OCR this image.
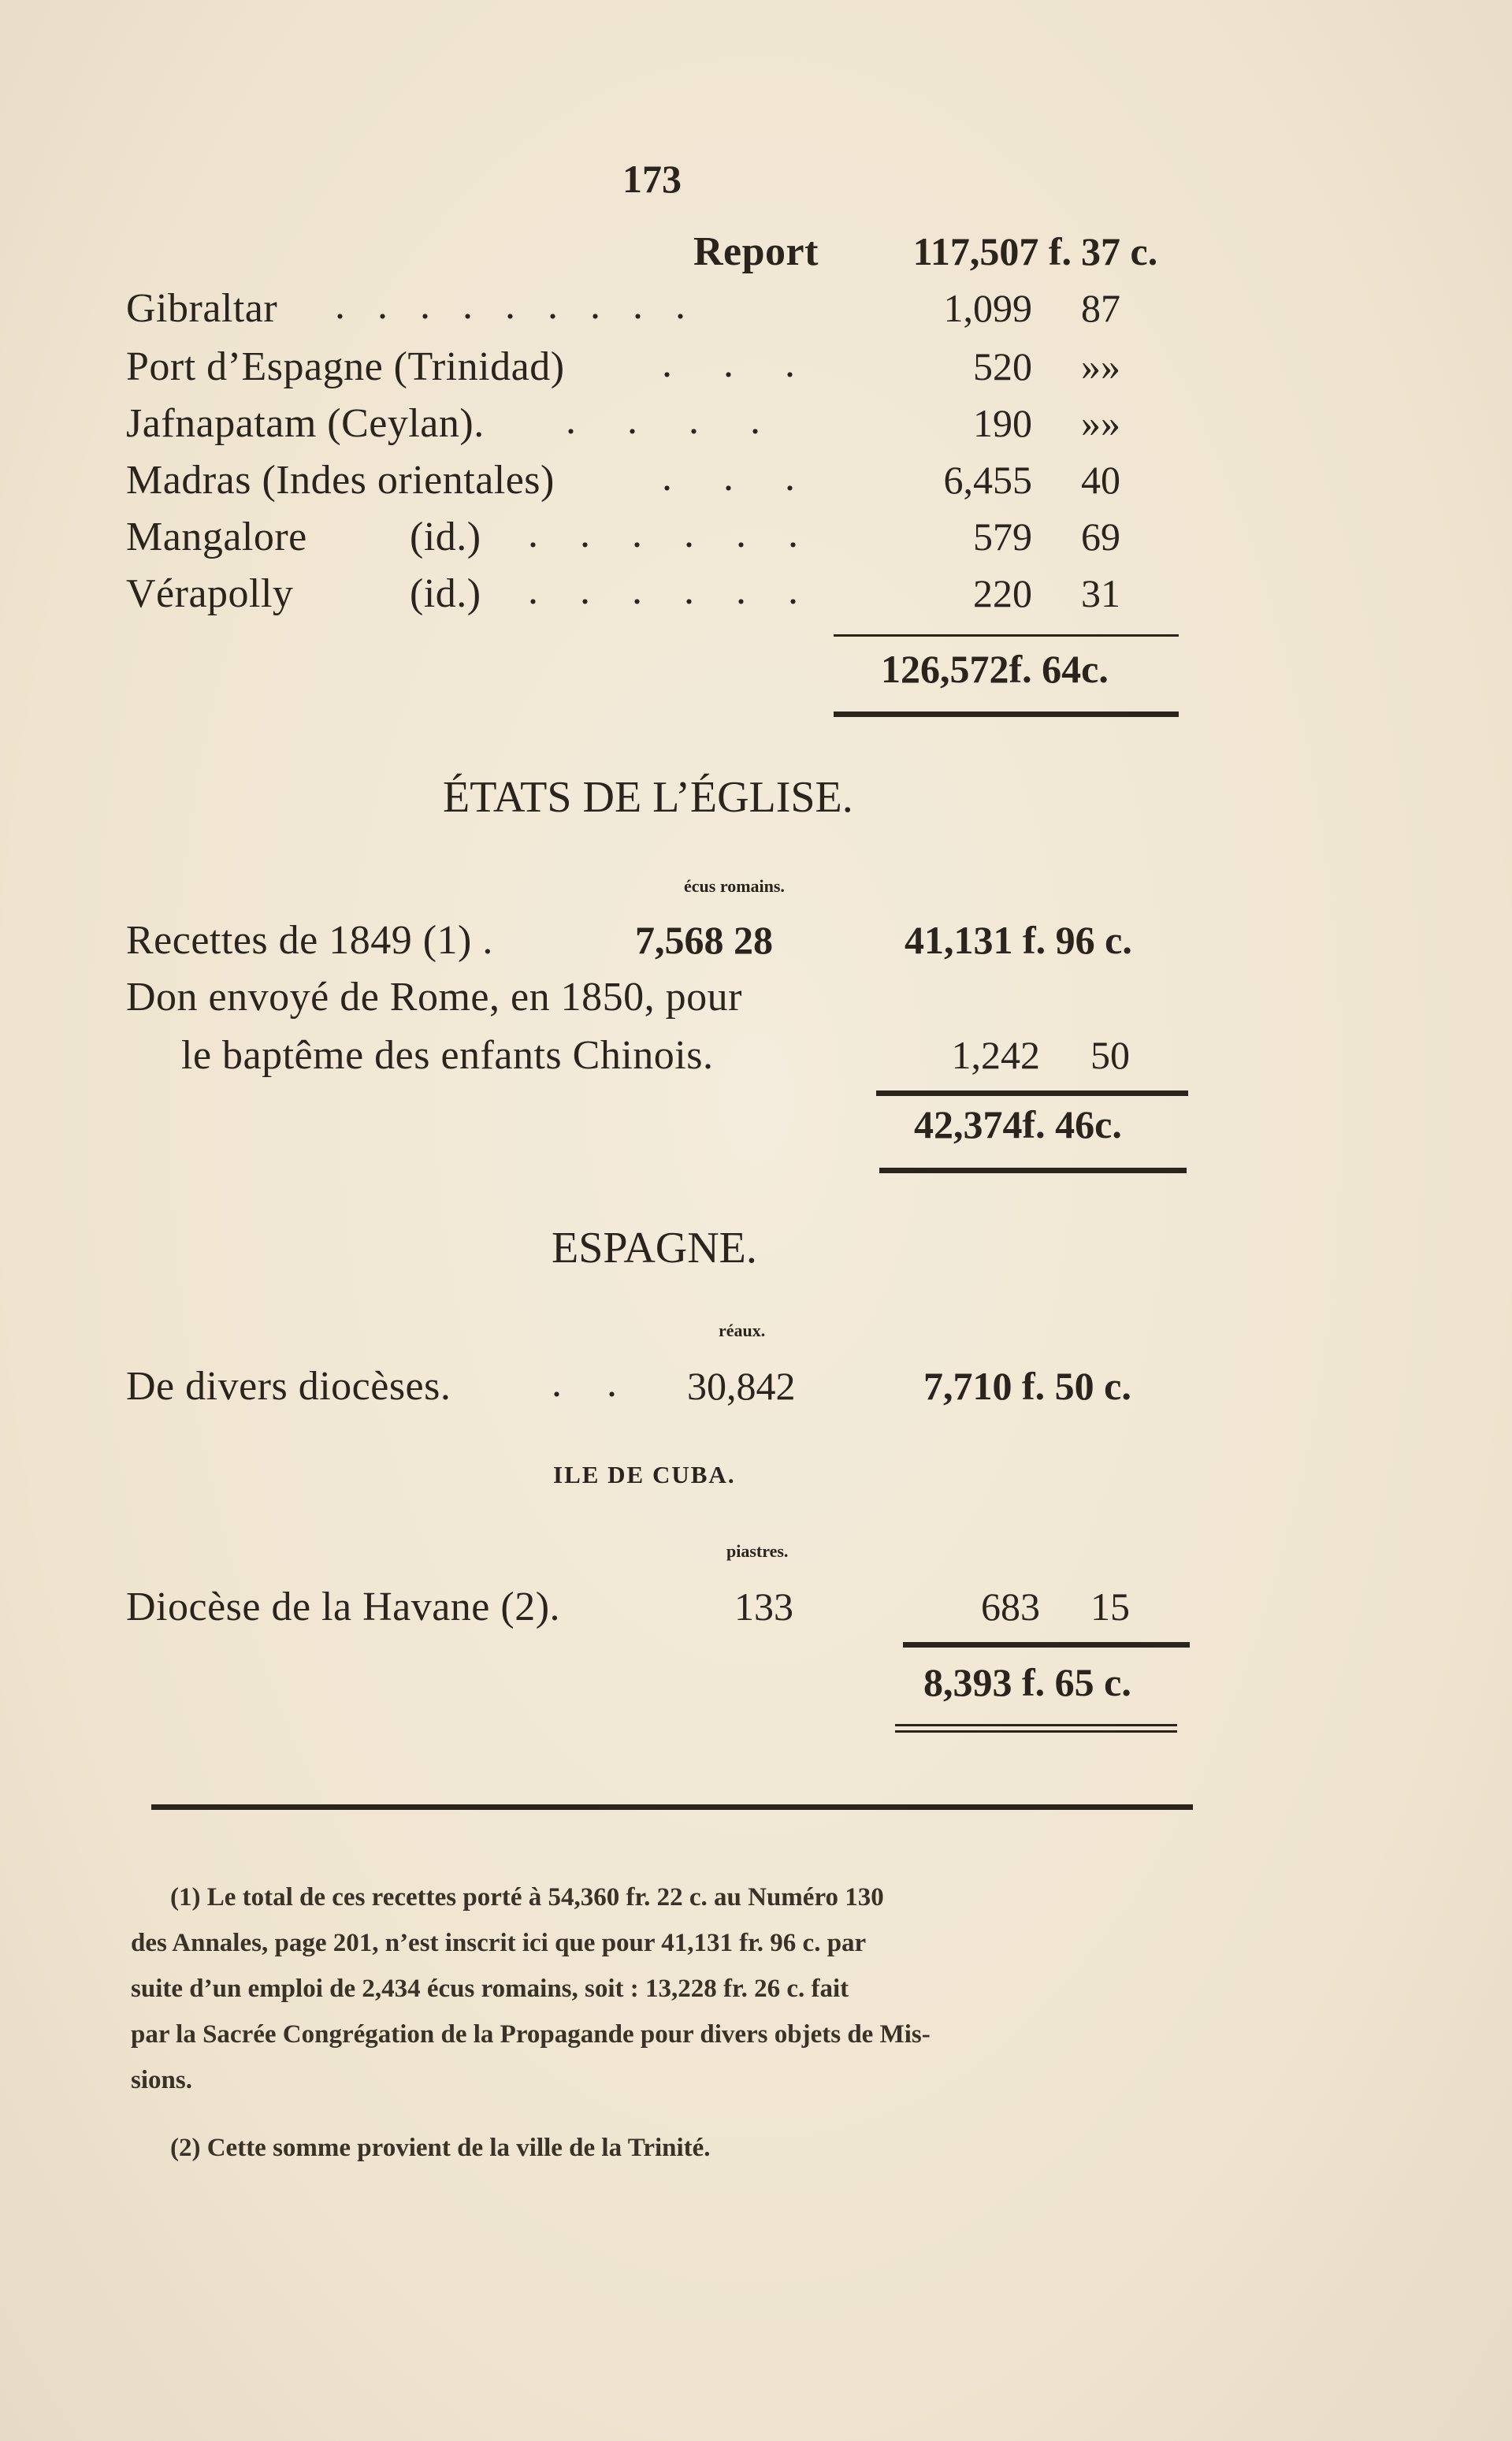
173
Report	117,507 f. 37 c.
Gibraltar . . . . . . . . .	1,099 87
Port d’Espagne (Trinidad) . . .	520 »»
Jafnapatam (Ceylan). . . . .	190 »»
Madras (Indes orientales)	. . .	6,455 40
Mangalore	(id.) . . . . . .	579 69
Vérapolly	(id.) . . . . . .	220 31
126,572f. 64c.
ÉTATS DE L’ÉGLISE.
écus romains.
Recettes de 1849 (1) .	7,568 28	41,131 f. 96 c.
Don envoyé de Rome, en 1850, pour
le baptême des enfants Chinois.	1,242 50
42,374f. 46c.
ESPAGNE.
réaux.
De divers diocèses. . . 30,842	7,710 f. 50 c.
ILE DE CUBA.
piastres.
Diocèse de la Havane (2).	133	683 15
8,393 f. 65 c.
(1) Le total de ces recettes porté à 54,360 fr. 22 c. au Numéro 130
des Annales, page 201, n’est inscrit ici que pour 41,131 fr. 96 c. par
suite d’un emploi de 2,434 écus romains, soit : 13,228 fr. 26 c. fait
par la Sacrée Congrégation de la Propagande pour divers objets de Mis-
sions.
(2) Cette somme provient de la ville de la Trinité.
